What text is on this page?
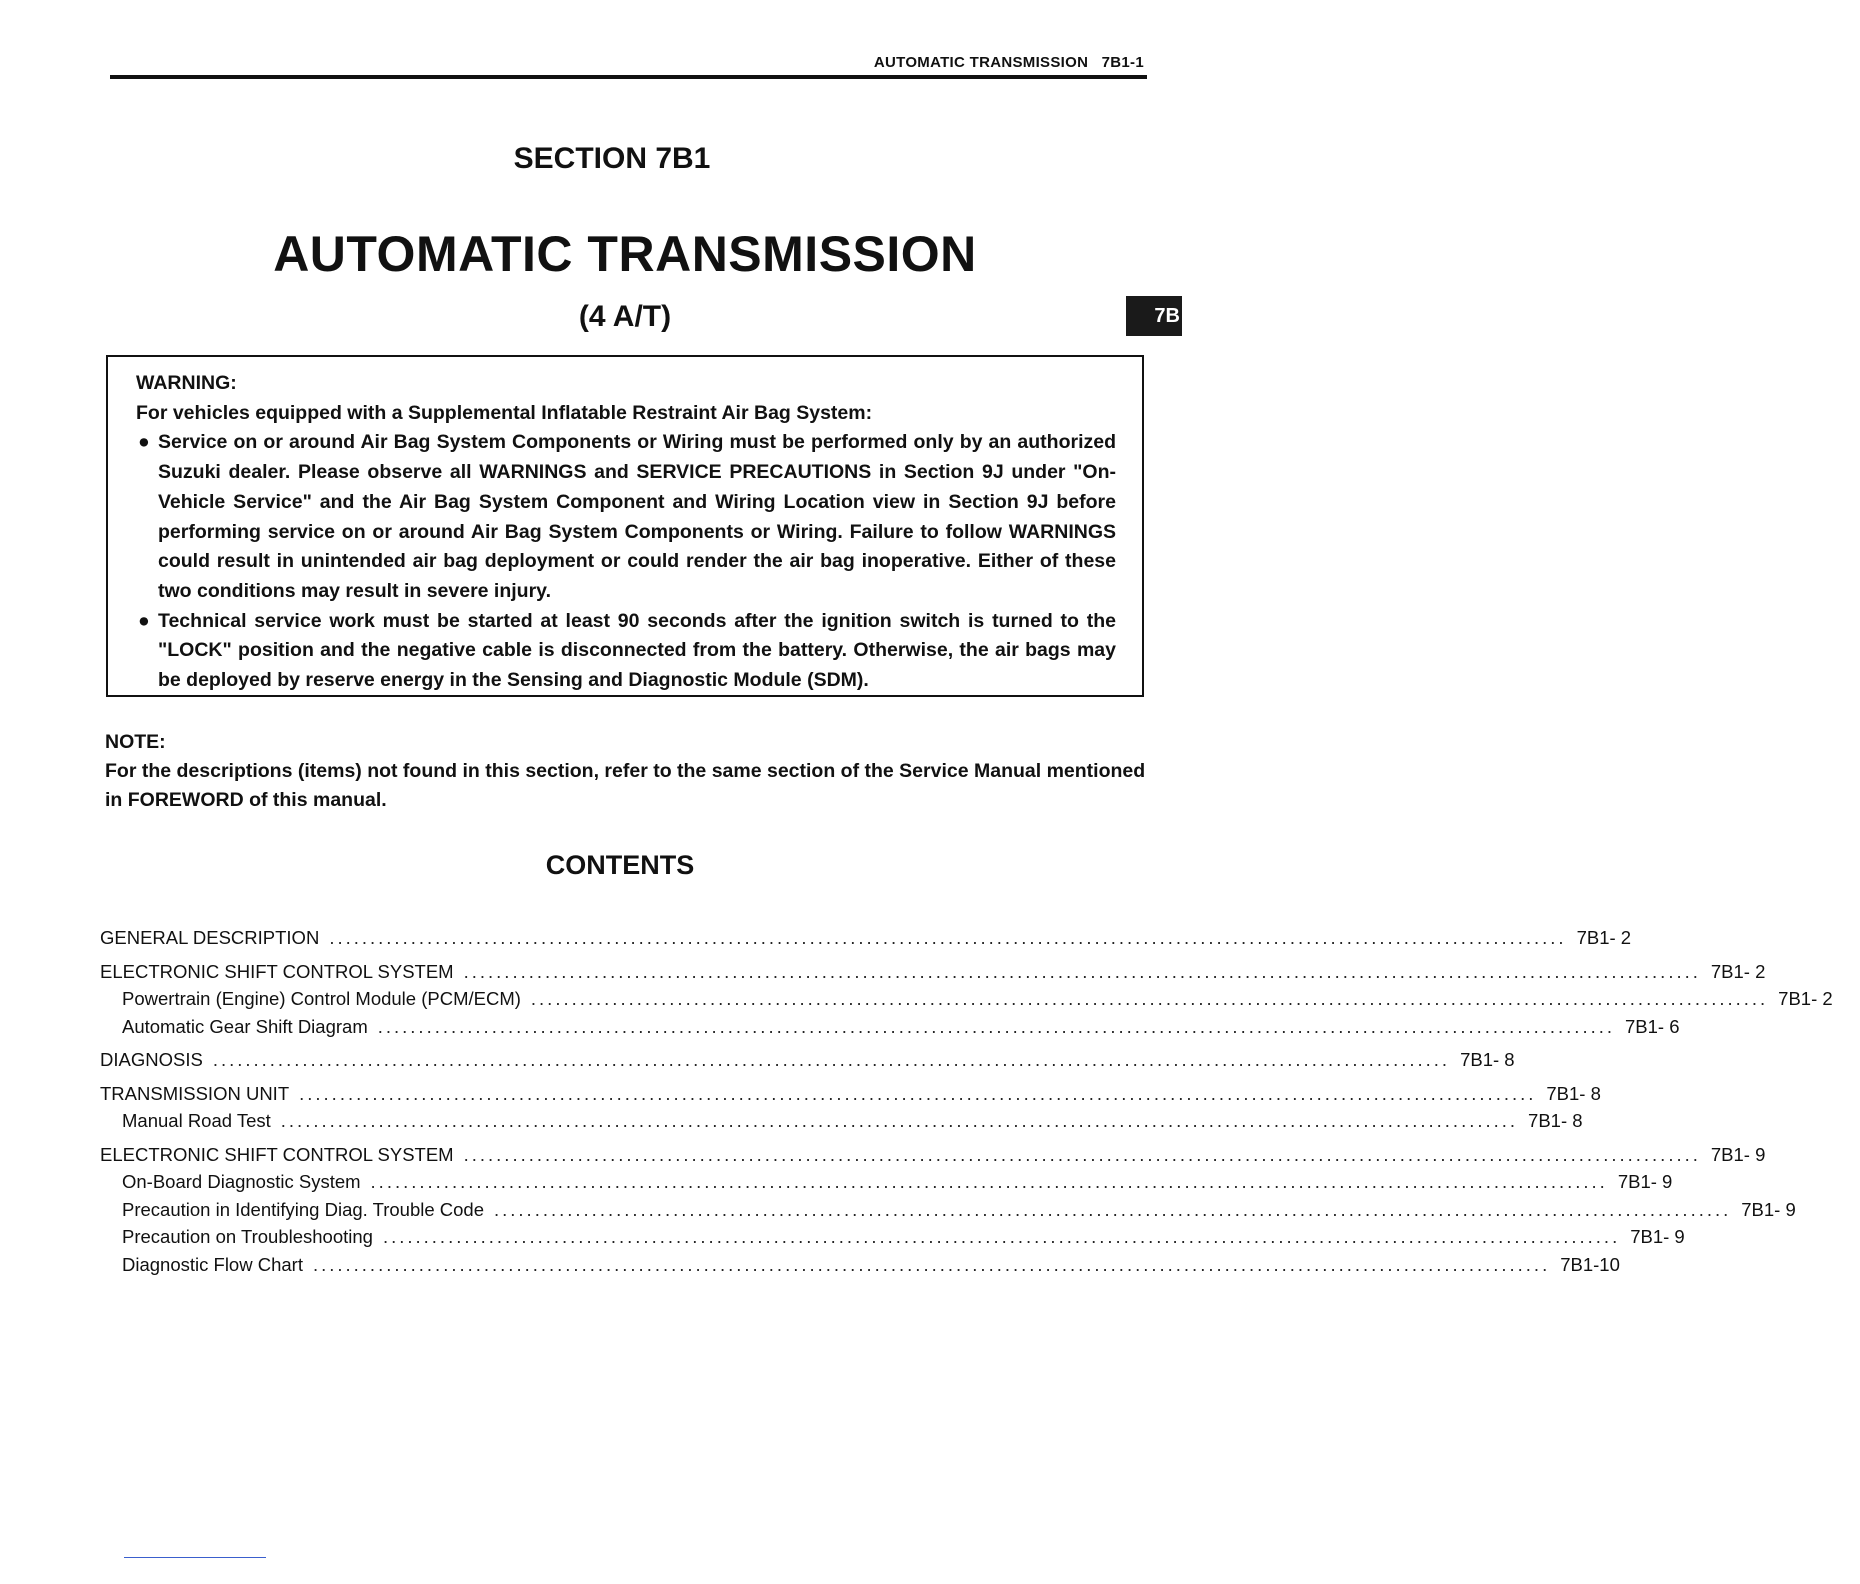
AUTOMATIC TRANSMISSION   7B1-1
SECTION 7B1
AUTOMATIC TRANSMISSION
(4 A/T)	7B

WARNING:

For vehicles equipped with a Supplemental Inflatable Restraint Air Bag System:

● Service on or around Air Bag System Components or Wiring must be performed only by an authorized Suzuki dealer. Please observe all WARNINGS and SERVICE PRECAUTIONS in Section 9J under "On-Vehicle Service" and the Air Bag System Component and Wiring Location view in Section 9J before performing service on or around Air Bag System Components or Wiring. Failure to follow WARNINGS could result in unintended air bag deployment or could render the air bag inoperative. Either of these two conditions may result in severe injury.
● Technical service work must be started at least 90 seconds after the ignition switch is turned to the "LOCK" position and the negative cable is disconnected from the battery. Otherwise, the air bags may be deployed by reserve energy in the Sensing and Diagnostic Module (SDM).

NOTE:

For the descriptions (items) not found in this section, refer to the same section of the Service Manual mentioned in FOREWORD of this manual.

CONTENTS
GENERAL DESCRIPTION ........................................................................................................................................................ 7B1- 2
ELECTRONIC SHIFT CONTROL SYSTEM ........................................................................................................................................................ 7B1- 2
Powertrain (Engine) Control Module (PCM/ECM) ........................................................................................................................................................ 7B1- 2
Automatic Gear Shift Diagram ........................................................................................................................................................ 7B1- 6
DIAGNOSIS ........................................................................................................................................................ 7B1- 8
TRANSMISSION UNIT ........................................................................................................................................................ 7B1- 8
Manual Road Test ........................................................................................................................................................ 7B1- 8
ELECTRONIC SHIFT CONTROL SYSTEM ........................................................................................................................................................ 7B1- 9
On-Board Diagnostic System ........................................................................................................................................................ 7B1- 9
Precaution in Identifying Diag. Trouble Code ........................................................................................................................................................ 7B1- 9
Precaution on Troubleshooting ........................................................................................................................................................ 7B1- 9
Diagnostic Flow Chart ........................................................................................................................................................ 7B1-10
